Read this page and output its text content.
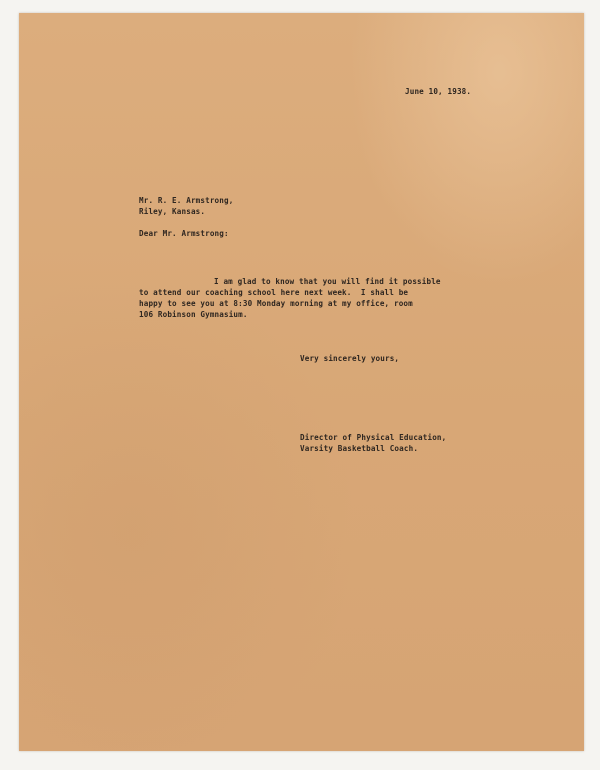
June 10, 1938.
Mr. R. E. Armstrong,
Riley, Kansas.
Dear Mr. Armstrong:
I am glad to know that you will find it possible
to attend our coaching school here next week.  I shall be
happy to see you at 8:30 Monday morning at my office, room
106 Robinson Gymnasium.
Very sincerely yours,
Director of Physical Education,
Varsity Basketball Coach.
